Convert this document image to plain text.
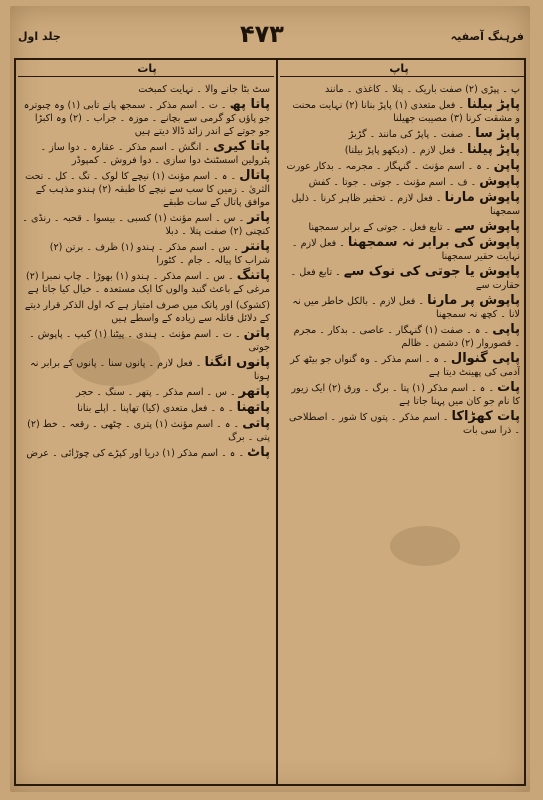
جلد اول	۴۷۳	فرہنگ آصفیہ
پات	پاپ

سٹ بٹا جانے والا ۔ نہایت کمبخت

پاتا پھ ۔ ت ۔ اسم مذکر ۔ سمجھ پانے تابی (۱) وہ چبوترہ جو پاؤں کو گرمی سے بچانے ۔ موزہ ۔ جراب ۔ (۲) وہ اکبڑا جو جوتے کے اندر زائد ڈالا دیتے ہیں

پاتا کیری ۔ انگش ۔ اسم مذکر ۔ عقارہ ۔ دوا ساز ۔ پٹرولین اسسٹنٹ دوا سازی ۔ دوا فروش ۔ کمپوڈر

پاتال ۔ ہ ۔ اسم مؤنث (۱) نیچے کا لوک ۔ تگ ۔ کل ۔ تحت الثریٰ ۔ زمین کا سب سے نیچے کا طبقہ (۲) ہندو مذہب کے موافق پاتال کے سات طبقے

پاتر ۔ س ۔ اسم مؤنث (۱) کسبی ۔ بیسوا ۔ قحبہ ۔ رنڈی ۔ کنچنی (۲) صفت پتلا ۔ دبلا

پانتر ۔ س ۔ اسم مذکر ۔ ہندو (۱) ظرف ۔ برتن (۲) شراب کا پیالہ ۔ جام ۔ کٹورا

پاتنگ ۔ س ۔ اسم مذکر ۔ ہندو (۱) بھوڑا ۔ چاپ نمبرا (۲) مرغی کے باعث گنبد والوں کا ایک مستعدہ ۔ خیال کیا جاتا ہے

(کشوک) اور پاتک میں صرف امتیاز ہے کہ اول الذکر قرار دیتے کے دلائل قاتلہ سے زیادہ کے واسطے ہیں

پاتن ۔ ت ۔ اسم مؤنث ۔ ہندی ۔ پیٹنا (۱) کیپ ۔ پاپوش ۔ جوتی

پانوں انگنا ۔ فعل لازم ۔ پانوں سنا ۔ پانوں کے برابر نہ ہونا

پاتھر ۔ س ۔ اسم مذکر ۔ پتھر ۔ سنگ ۔ حجر

پاتھنا ۔ ہ ۔ فعل متعدی (کیا) تھاپنا ۔ اپلے بنانا

پاتی ۔ ہ ۔ اسم مؤنث (۱) پتری ۔ چٹھی ۔ رقعہ ۔ خط (۲) پتی ۔ برگ

پاٹ ۔ ہ ۔ اسم مذکر (۱) دریا اور کپڑے کی چوڑائی ۔ عرض

پ ۔ پپڑی (۲) صفت باریک ۔ پتلا ۔ کاغذی ۔ مانند

پاپڑ بیلنا ۔ فعل متعدی (۱) پاپڑ بنانا (۲) نہایت محنت و مشقت کرنا (۳) مصیبت جھیلنا

پاپڑ سا ۔ صفت ۔ پاپڑ کی مانند ۔ گڑبڑ

پاپڑ پیلنا ۔ فعل لازم ۔ (دیکھو پاپڑ بیلنا)

پاپن ۔ ہ ۔ اسم مؤنث ۔ گنہگار ۔ مجرمہ ۔ بدکار عورت

پاپوش ۔ ف ۔ اسم مؤنث ۔ جوتی ۔ جوتا ۔ کفش

پاپوش مارنا ۔ فعل لازم ۔ تحقیر ظاہر کرنا ۔ ذلیل سمجھنا

پاپوش سے ۔ تابع فعل ۔ جوتی کے برابر سمجھنا

پاپوش کی برابر نہ سمجھنا ۔ فعل لازم ۔ نہایت حقیر سمجھنا

پاپوش یا جوتی کی نوک سے ۔ تابع فعل ۔ حقارت سے

پاپوش پر مارنا ۔ فعل لازم ۔ بالکل خاطر میں نہ لانا ۔ کچھ نہ سمجھنا

پاپی ۔ ہ ۔ صفت (۱) گنہگار ۔ عاصی ۔ بدکار ۔ مجرم ۔ قصوروار (۲) دشمن ۔ ظالم

پاپی گنوال ۔ ہ ۔ اسم مذکر ۔ وہ گنواں جو بیٹھ کر آدمی کی پھینٹ دیتا ہے

پات ۔ ہ ۔ اسم مذکر (۱) پتا ۔ برگ ۔ ورق (۲) ایک زیور کا نام جو کان میں پہنا جاتا ہے

پات کھڑاکا ۔ اسم مذکر ۔ پتوں کا شور ۔ اصطلاحی ۔ ذرا سی بات
